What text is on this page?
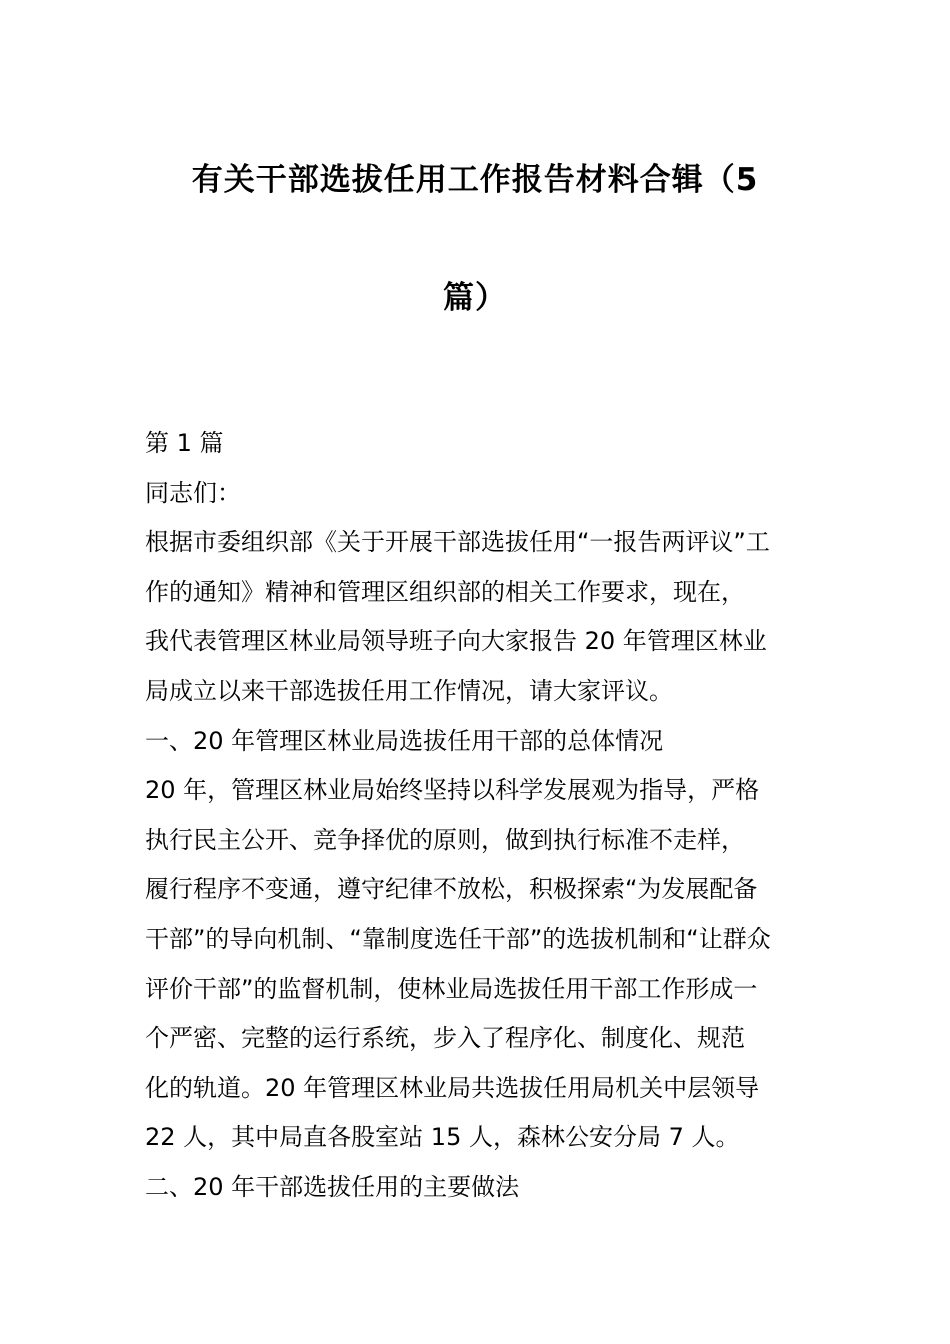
有关干部选拔任用工作报告材料合辑（5
篇）

第 1 篇

同志们：

根据市委组织部《关于开展干部选拔任用“一报告两评议”工

作的通知》精神和管理区组织部的相关工作要求，现在，

我代表管理区林业局领导班子向大家报告 20 年管理区林业

局成立以来干部选拔任用工作情况，请大家评议。

一、20 年管理区林业局选拔任用干部的总体情况

20 年，管理区林业局始终坚持以科学发展观为指导，严格

执行民主公开、竞争择优的原则，做到执行标准不走样，

履行程序不变通，遵守纪律不放松，积极探索“为发展配备

干部”的导向机制、“靠制度选任干部”的选拔机制和“让群众

评价干部”的监督机制，使林业局选拔任用干部工作形成一

个严密、完整的运行系统，步入了程序化、制度化、规范

化的轨道。20 年管理区林业局共选拔任用局机关中层领导

22 人，其中局直各股室站 15 人，森林公安分局 7 人。

二、20 年干部选拔任用的主要做法
